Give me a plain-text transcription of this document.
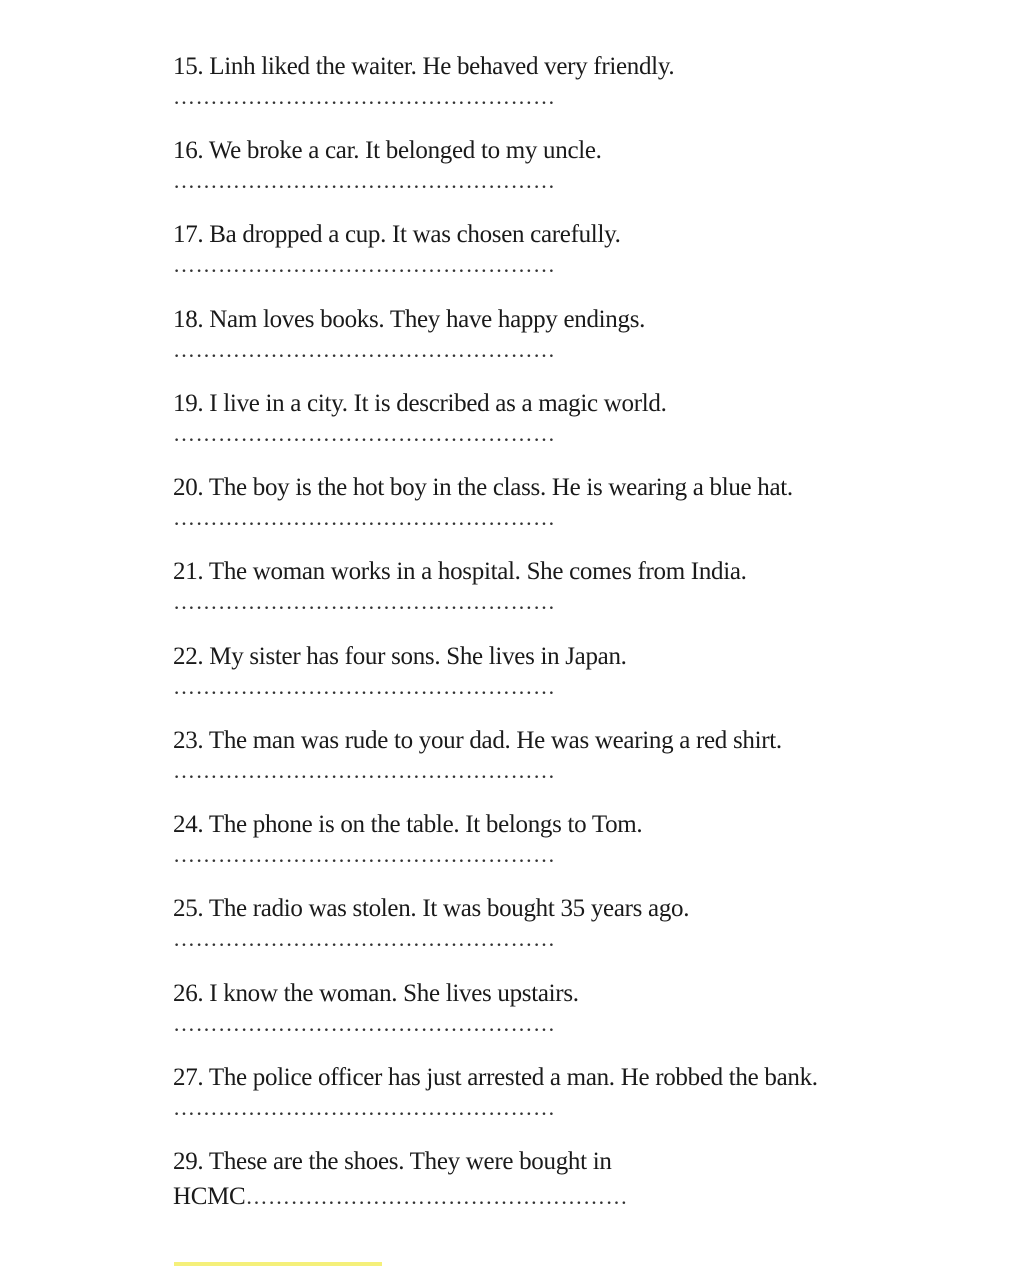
15. Linh liked the waiter. He behaved very friendly.
……………………………………………
16. We broke a car. It belonged to my uncle.
……………………………………………
17. Ba dropped a cup. It was chosen carefully.
……………………………………………
18. Nam loves books. They have happy endings.
……………………………………………
19. I live in a city. It is described as a magic world.
……………………………………………
20. The boy is the hot boy in the class. He is wearing a blue hat.
……………………………………………
21. The woman works in a hospital. She comes from India.
……………………………………………
22. My sister has four sons. She lives in Japan.
……………………………………………
23. The man was rude to your dad. He was wearing a red shirt.
……………………………………………
24. The phone is on the table. It belongs to Tom.
……………………………………………
25. The radio was stolen. It was bought 35 years ago.
……………………………………………
26. I know the woman. She lives upstairs.
……………………………………………
27. The police officer has just arrested a man. He robbed the bank.
……………………………………………
29. These are the shoes. They were bought in
HCMC……………………………………………
